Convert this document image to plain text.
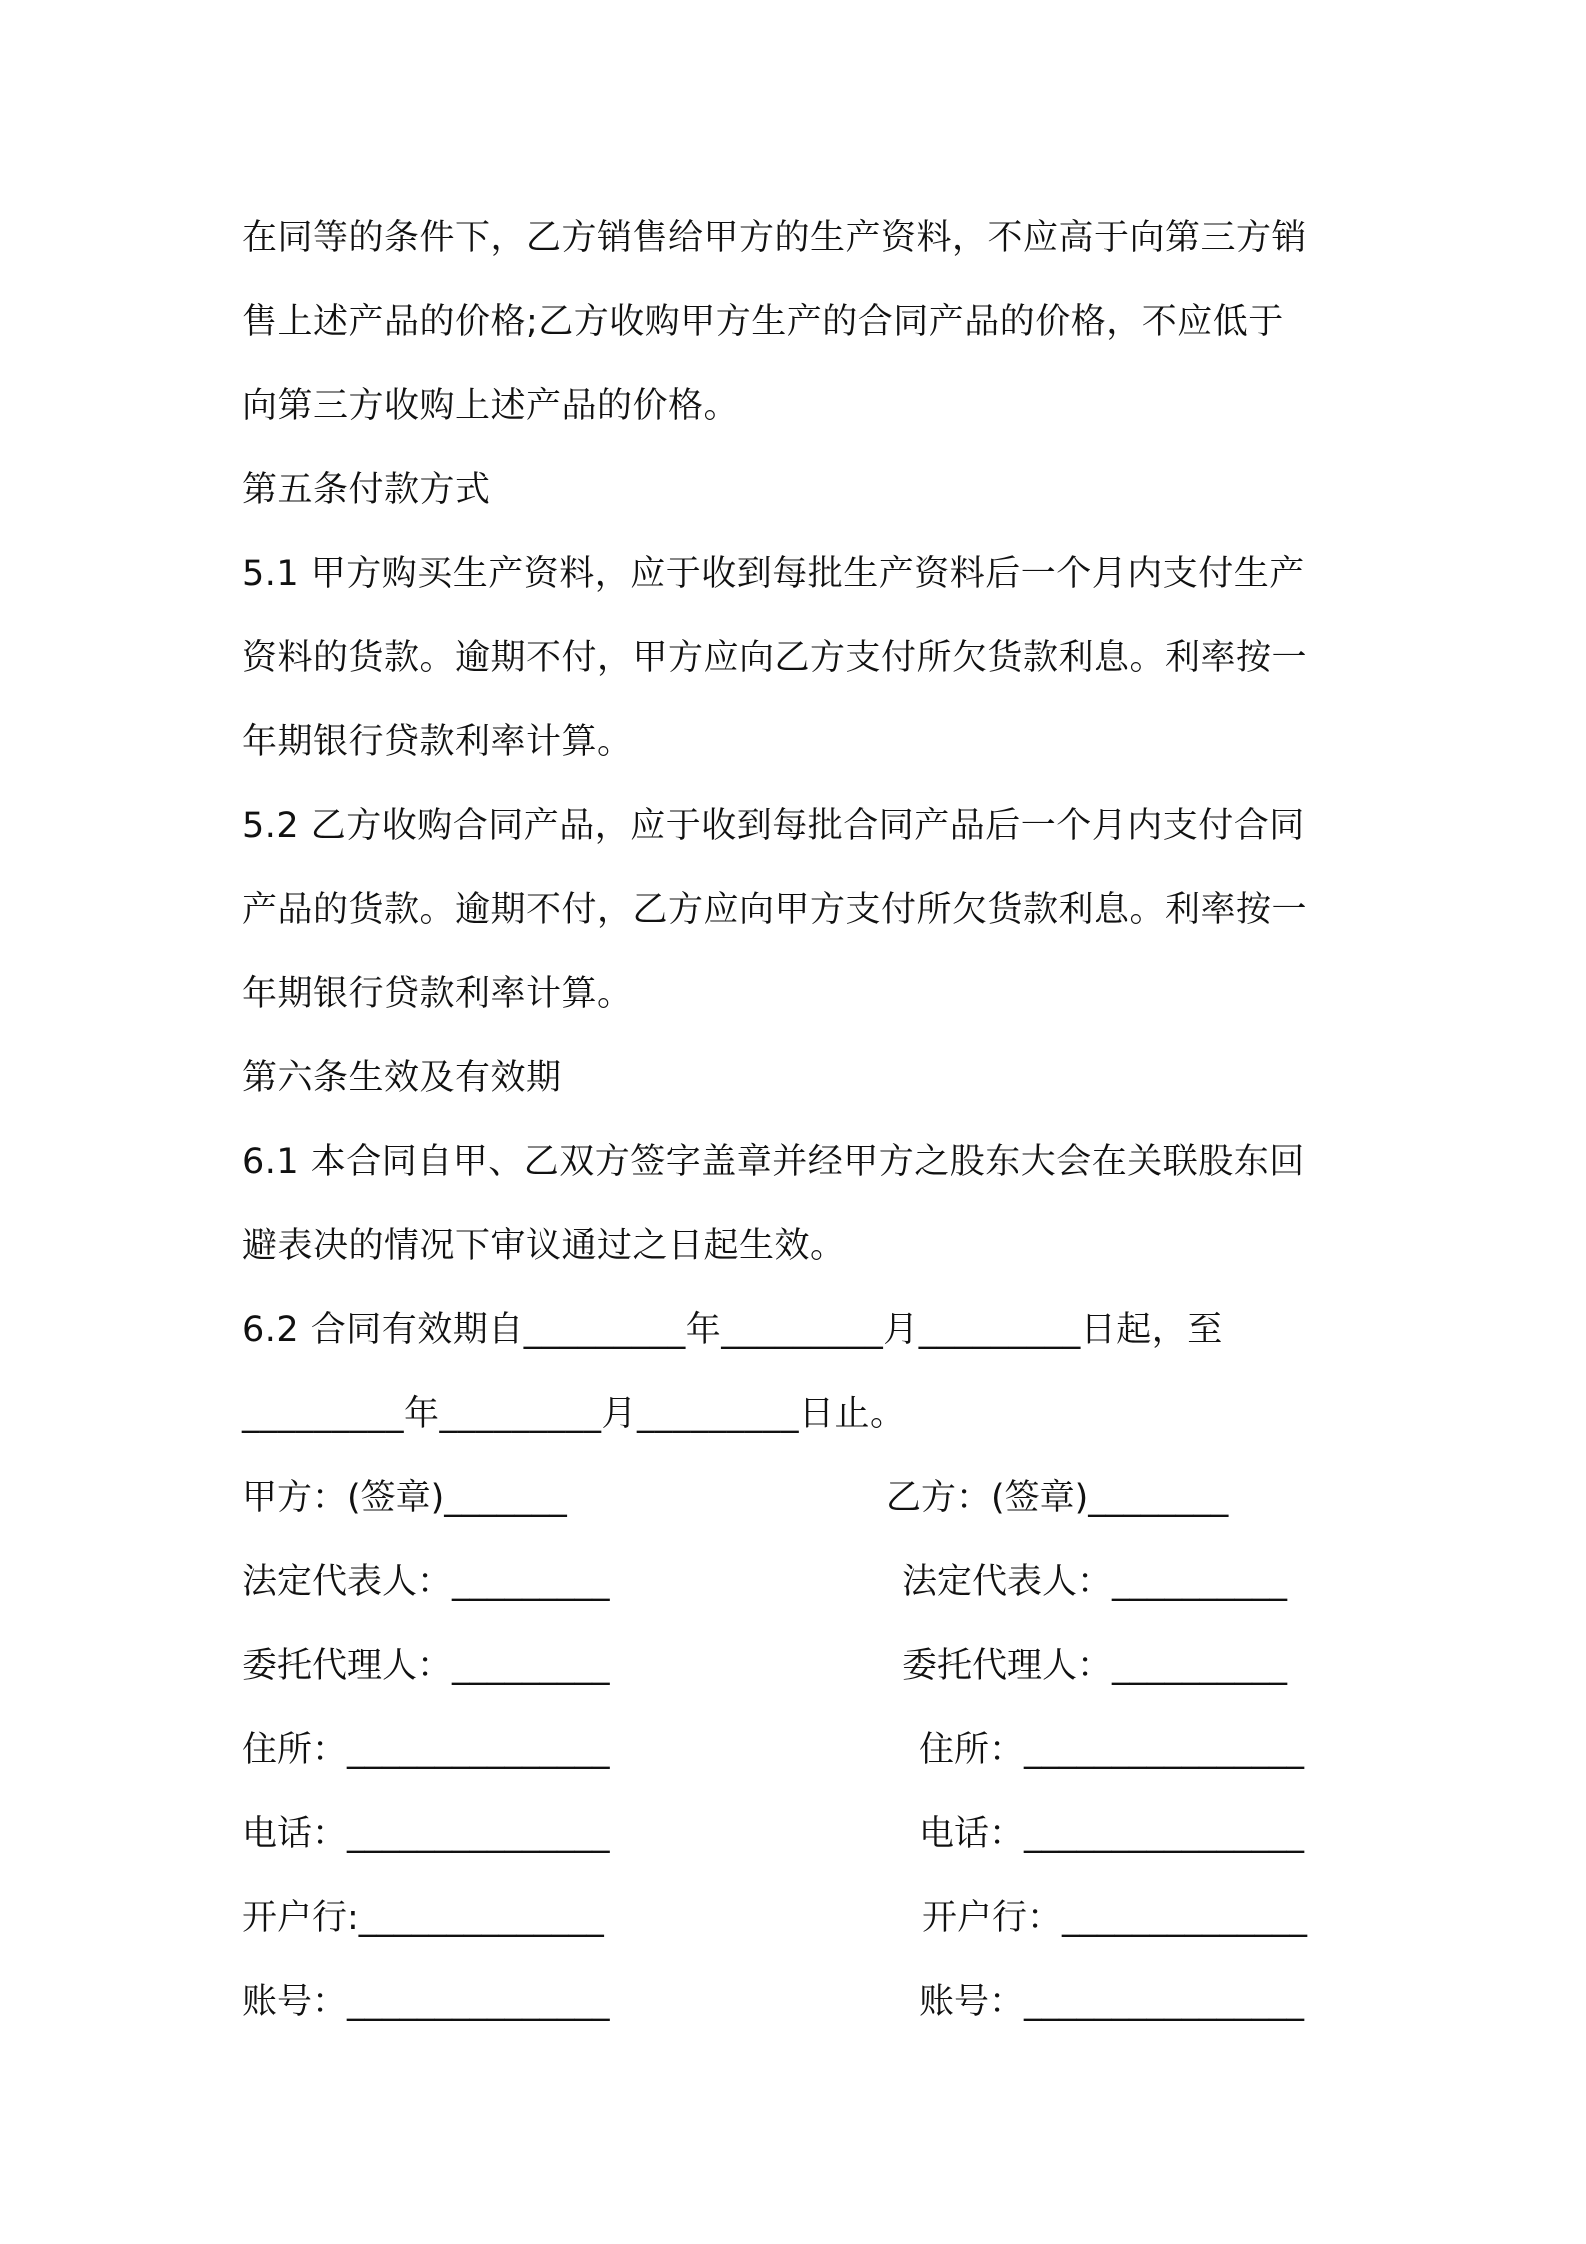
在同等的条件下，乙方销售给甲方的生产资料，不应高于向第三方销
售上述产品的价格;乙方收购甲方生产的合同产品的价格，不应低于
向第三方收购上述产品的价格。
第五条付款方式
5.1 甲方购买生产资料，应于收到每批生产资料后一个月内支付生产
资料的货款。逾期不付，甲方应向乙方支付所欠货款利息。利率按一
年期银行贷款利率计算。
5.2 乙方收购合同产品，应于收到每批合同产品后一个月内支付合同
产品的货款。逾期不付，乙方应向甲方支付所欠货款利息。利率按一
年期银行贷款利率计算。
第六条生效及有效期
6.1 本合同自甲、乙双方签字盖章并经甲方之股东大会在关联股东回
避表决的情况下审议通过之日起生效。
6.2 合同有效期自_________年_________月_________日起，至
_________年_________月_________日止。
甲方：(签章)_______	乙方：(签章)________
法定代表人：_________	法定代表人：__________
委托代理人：_________	委托代理人：__________
住所：_______________	住所：________________
电话：_______________	电话：________________
开户行:______________	开户行：______________
账号：_______________	账号：________________
